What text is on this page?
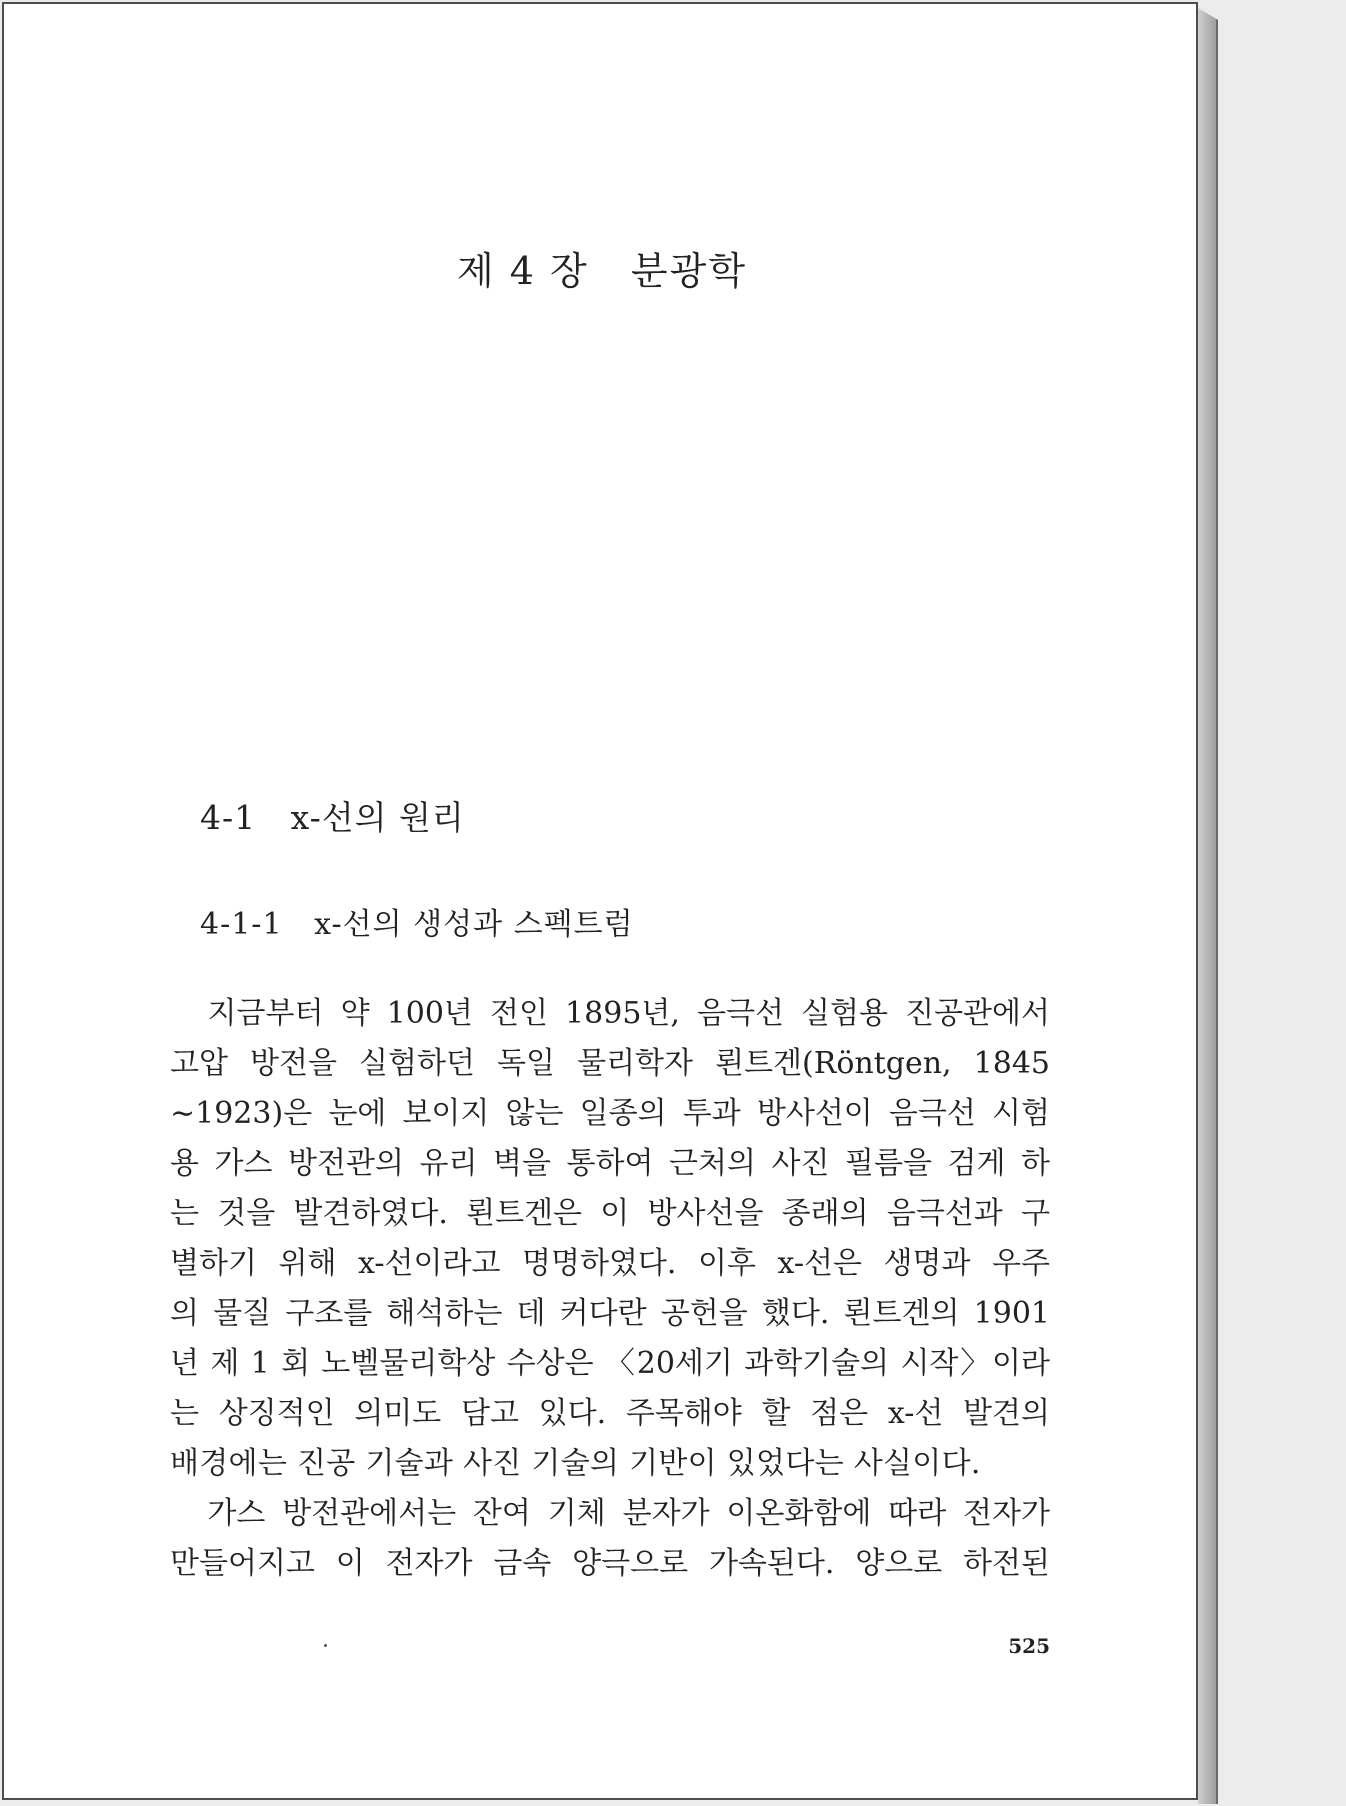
제 4 장   분광학
4-1   x-선의 원리
4-1-1   x-선의 생성과 스펙트럼
　지금부터 약 100년 전인 1895년, 음극선 실험용 진공관에서
고압 방전을 실험하던 독일 물리학자 뢴트겐(Röntgen, 1845
∼1923)은 눈에 보이지 않는 일종의 투과 방사선이 음극선 시험
용 가스 방전관의 유리 벽을 통하여 근처의 사진 필름을 검게 하
는 것을 발견하였다. 뢴트겐은 이 방사선을 종래의 음극선과 구
별하기 위해 x-선이라고 명명하였다. 이후 x-선은 생명과 우주
의 물질 구조를 해석하는 데 커다란 공헌을 했다. 뢴트겐의 1901
년 제 1 회 노벨물리학상 수상은 〈20세기 과학기술의 시작〉이라
는 상징적인 의미도 담고 있다. 주목해야 할 점은 x-선 발견의
배경에는 진공 기술과 사진 기술의 기반이 있었다는 사실이다.
　가스 방전관에서는 잔여 기체 분자가 이온화함에 따라 전자가
만들어지고 이 전자가 금속 양극으로 가속된다. 양으로 하전된
525
